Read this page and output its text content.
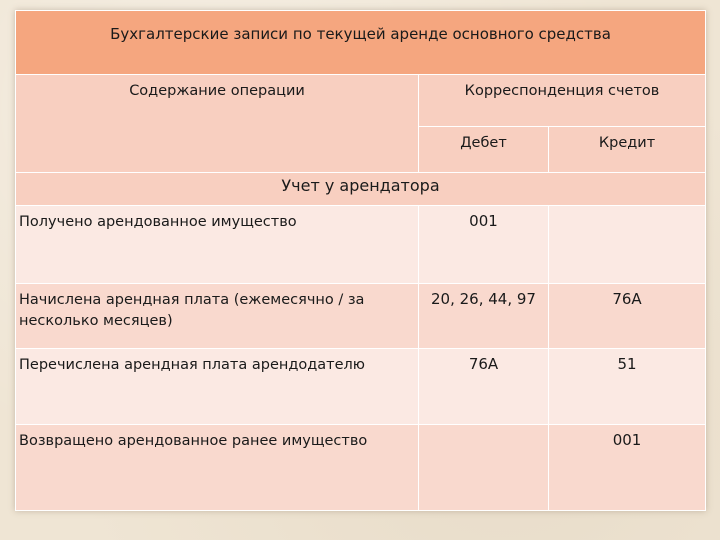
Бухгалтерские записи по текущей аренде основного средства		
Содержание операции	Корреспонденция счетов	
	Дебет	Кредит
Учет у арендатора		
Получено арендованное имущество	001	
Начислена арендная плата (ежемесячно / за несколько месяцев)	20, 26, 44, 97	76А
Перечислена арендная плата арендодателю	76А	51
Возвращено арендованное ранее имущество		001
